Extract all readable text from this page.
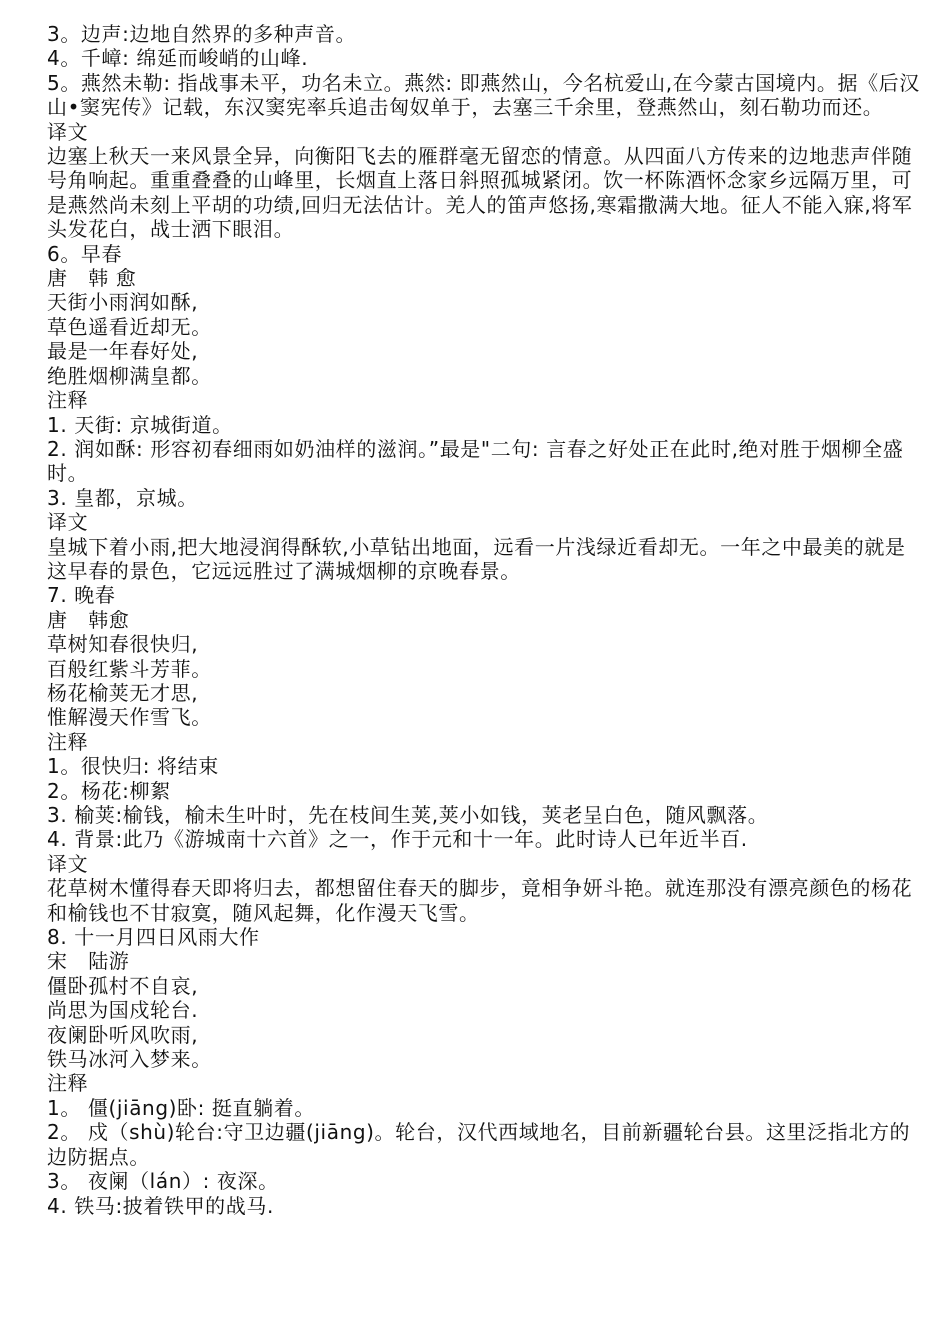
3。边声:边地自然界的多种声音。

4。千嶂: 绵延而峻峭的山峰.

5。燕然未勒: 指战事未平，功名未立。燕然: 即燕然山，今名杭爱山,在今蒙古国境内。据《后汉山•窦宪传》记载，东汉窦宪率兵追击匈奴单于，去塞三千余里，登燕然山，刻石勒功而还。

译文

边塞上秋天一来风景全异，向衡阳飞去的雁群毫无留恋的情意。从四面八方传来的边地悲声伴随号角响起。重重叠叠的山峰里，长烟直上落日斜照孤城紧闭。饮一杯陈酒怀念家乡远隔万里，可是燕然尚未刻上平胡的功绩,回归无法估计。羌人的笛声悠扬,寒霜撒满大地。征人不能入寐,将军头发花白，战士洒下眼泪。

6。早春

唐　韩 愈

天街小雨润如酥,

草色遥看近却无。

最是一年春好处,

绝胜烟柳满皇都。

注释

1. 天街: 京城街道。

2. 润如酥: 形容初春细雨如奶油样的滋润。”最是"二句: 言春之好处正在此时,绝对胜于烟柳全盛时。

3. 皇都，京城。

译文

皇城下着小雨,把大地浸润得酥软,小草钻出地面，远看一片浅绿近看却无。一年之中最美的就是这早春的景色，它远远胜过了满城烟柳的京晚春景。

7. 晚春

唐　韩愈

草树知春很快归,

百般红紫斗芳菲。

杨花榆荚无才思,

惟解漫天作雪飞。

注释

1。很快归: 将结束

2。杨花:柳絮

3. 榆荚:榆钱，榆未生叶时，先在枝间生荚,荚小如钱，荚老呈白色，随风飘落。

4. 背景:此乃《游城南十六首》之一，作于元和十一年。此时诗人已年近半百.

译文

花草树木懂得春天即将归去，都想留住春天的脚步，竟相争妍斗艳。就连那没有漂亮颜色的杨花和榆钱也不甘寂寞，随风起舞，化作漫天飞雪。

8. 十一月四日风雨大作

宋　陆游

僵卧孤村不自哀,

尚思为国戍轮台.

夜阑卧听风吹雨,

铁马冰河入梦来。

注释

1。 僵(jiāng)卧: 挺直躺着。

2。 戍（shù)轮台:守卫边疆(jiāng)。轮台，汉代西域地名，目前新疆轮台县。这里泛指北方的边防据点。

3。 夜阑（lán）: 夜深。

4. 铁马:披着铁甲的战马.
